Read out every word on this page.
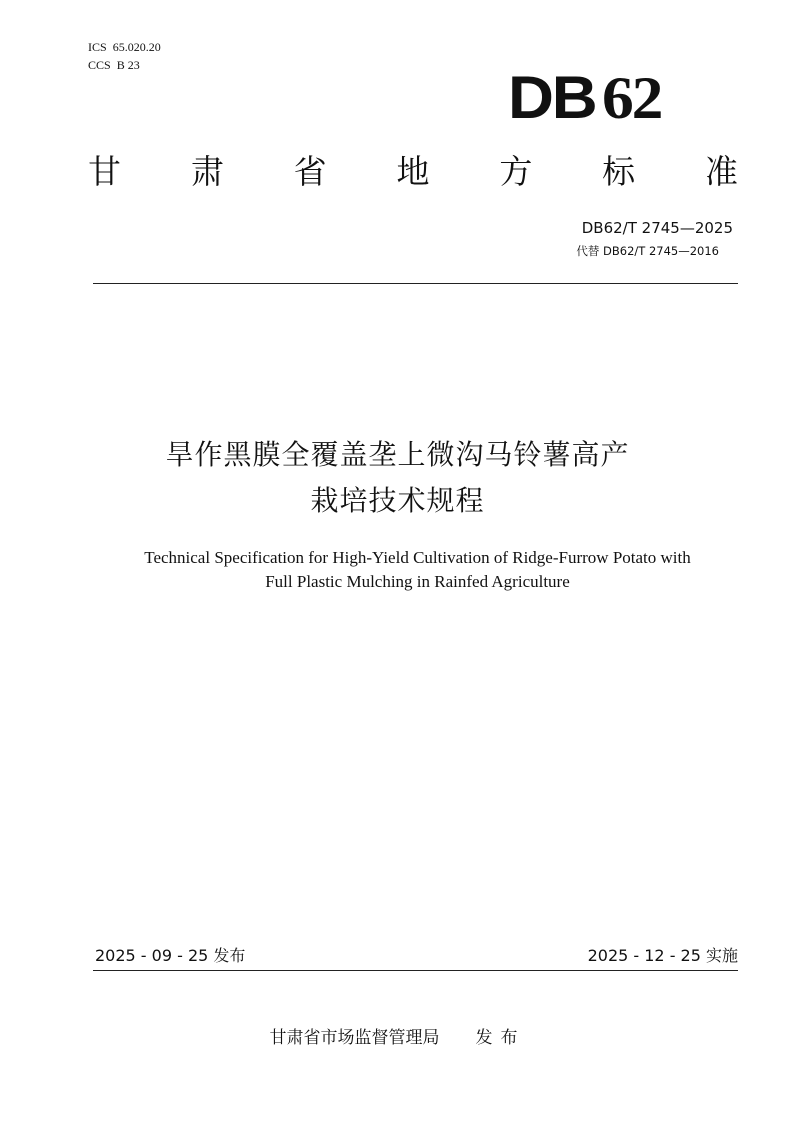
ICS 65.020.20
CCS B 23	DB 62
甘 肃 省 地 方 标 准
DB62/T 2745—2025
代替 DB62/T 2745—2016
旱作黑膜全覆盖垄上微沟马铃薯高产
栽培技术规程
Technical Specification for High-Yield Cultivation of Ridge-Furrow Potato with
Full Plastic Mulching in Rainfed Agriculture
2025 - 09 - 25 发布	2025 - 12 - 25 实施
甘肃省市场监督管理局 发布
